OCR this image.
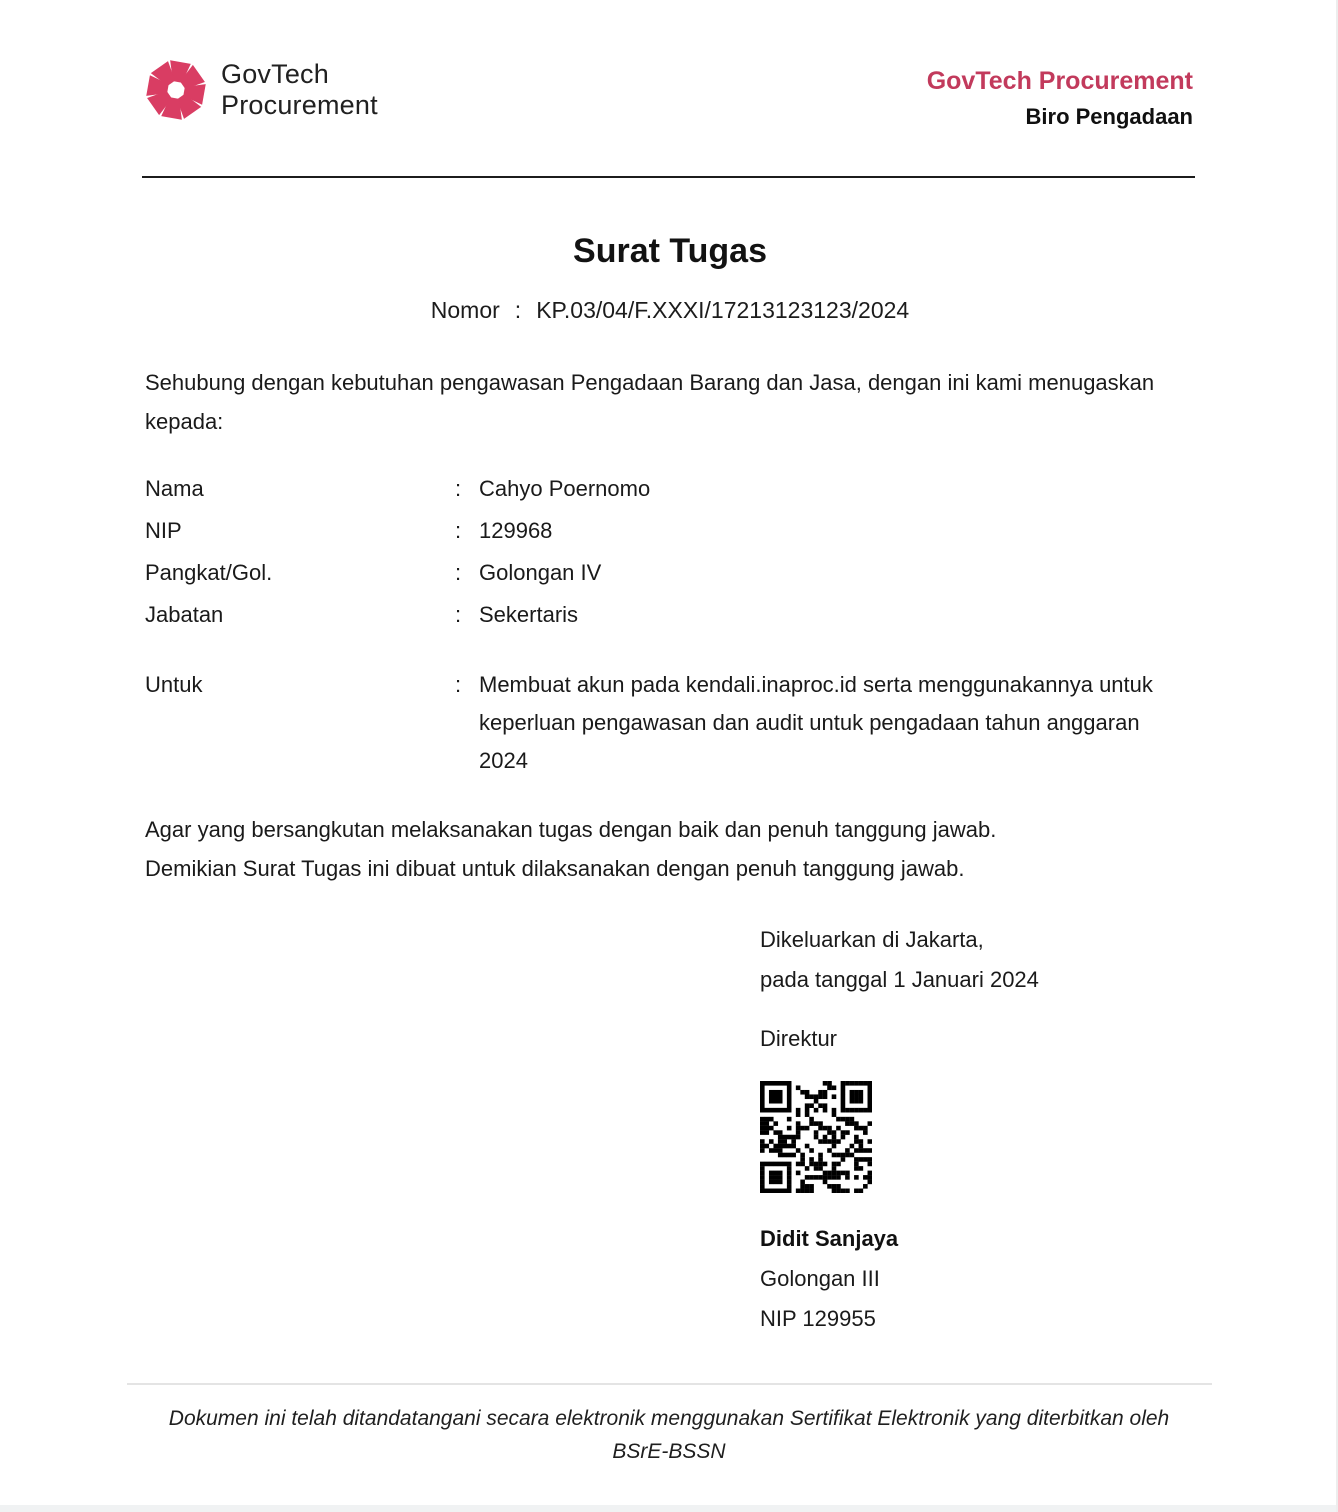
GovTech
Procurement
GovTech Procurement
Biro Pengadaan
Surat Tugas
Nomor : KP.03/04/F.XXXI/17213123123/2024

Sehubung dengan kebutuhan pengawasan Pengadaan Barang dan Jasa, dengan ini kami menugaskan kepada:

Nama	: Cahyo Poernomo
NIP	: 129968
Pangkat/Gol.	: Golongan IV
Jabatan	: Sekertaris
Untuk	: Membuat akun pada kendali.inaproc.id serta menggunakannya untuk keperluan pengawasan dan audit untuk pengadaan tahun anggaran 2024
Agar yang bersangkutan melaksanakan tugas dengan baik dan penuh tanggung jawab.
Demikian Surat Tugas ini dibuat untuk dilaksanakan dengan penuh tanggung jawab.
Dikeluarkan di Jakarta,
pada tanggal 1 Januari 2024
Direktur
Didit Sanjaya
Golongan III
NIP 129955
Dokumen ini telah ditandatangani secara elektronik menggunakan Sertifikat Elektronik yang diterbitkan oleh BSrE-BSSN
